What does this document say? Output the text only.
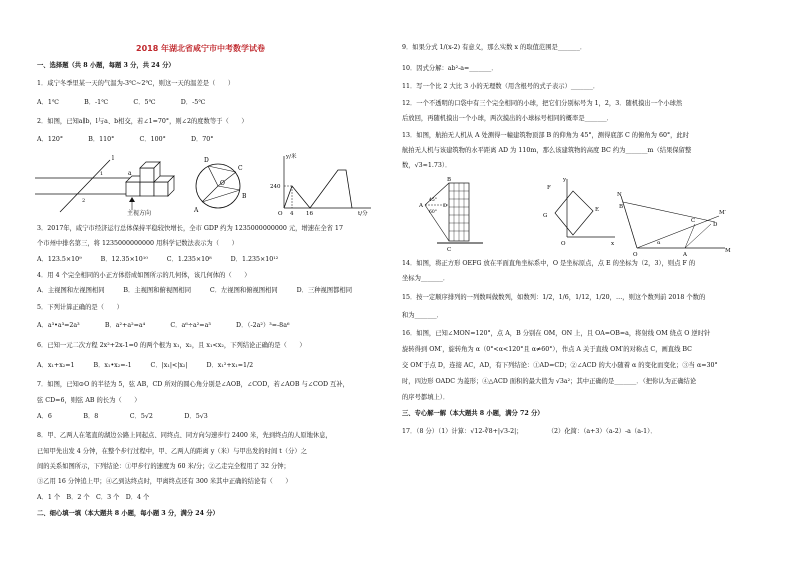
2018 年湖北省咸宁市中考数学试卷
一、选择题（共 8 小题，每题 3 分，共 24 分）
1．咸宁冬季里某一天的气温为-3℃~2℃，则这一天的温差是（　　）
A．1℃　　　　B．-1℃　　　　C．5℃　　　　D．-5℃
2．如图，已知a∥b，l与a、b相交，若∠1=70°，则∠2的度数等于（　　）
A．120°　　　　B．110°　　　　C．100°　　　　D．70°
l
a
1
2
主视方向
D
C
O
A
B
y/米
240
O 4 16	t/分
3．2017年，咸宁市经济运行总体保持平稳较快增长，全市 GDP 约为 1235000000000 元，增速在全省 17
个市州中排名第三，将 1235000000000 用科学记数法表示为（　　）
A．123.5×10⁹　　　B．12.35×10¹⁰　　　C．1.235×10⁸　　　D．1.235×10¹²
4．用 4 个完全相同的小正方体搭成如图所示的几何体，该几何体的（　　）
A．主视图和左视图相同　　　B．主视图和俯视图相同　　　C．左视图和俯视图相同　　　D．三种视图都相同
5．下列计算正确的是（　　）
A．a³•a³=2a³　　　　B．a²+a²=a⁴　　　　C．a⁶÷a²=a³　　　　D．（-2a²）³=-8a⁶
6．已知一元二次方程 2x²+2x-1=0 的两个根为 x₁，x₂，且 x₁<x₂，下列结论正确的是（　　）
A．x₁+x₂=1　　　B．x₁•x₂=-1　　　C．|x₁|<|x₂|　　　D．x₁²+x₁=1/2
7．如图，已知⊙O 的半径为 5，弦 AB，CD 所对的圆心角分别是∠AOB，∠COD，若∠AOB 与∠COD 互补，
弦 CD=6，则弦 AB 的长为（　　）
A．6　　　　　B．8　　　　　C．5√2　　　　　D．5√3
8．甲、乙两人在笔直的湖边公路上同起点、同终点、同方向匀速步行 2400 米，先到终点的人原地休息，
已知甲先出发 4 分钟，在整个步行过程中，甲、乙两人的距离 y（米）与甲出发的时间 t（分）之
间的关系如图所示，下列结论：①甲步行的速度为 60 米/分；②乙走完全程用了 32 分钟；
③乙用 16 分钟追上甲；④乙到达终点时，甲离终点还有 300 米其中正确的结论有（　　）
A．1 个　B．2 个　C．3 个　D．4 个
二、细心填一填（本大题共 8 小题，每小题 3 分，满分 24 分）
9．如果分式 1/(x-2) 有意义，那么实数 x 的取值范围是_______．
10．因式分解：ab²-a=_______．
11．写一个比 2 大比 3 小的无理数（用含根号的式子表示）_______．
12．一个不透明的口袋中有三个完全相同的小球，把它们分别标号为 1，2，3．随机摸出一个小球然
后放回，再随机摸出一个小球，两次摸出的小球标号相同的概率是_______．
13．如图，航拍无人机从 A 处测得一幢建筑物顶部 B 的仰角为 45°，测得底部 C 的俯角为 60°，此时
航拍无人机与该建筑物的水平距离 AD 为 110m，那么该建筑物的高度 BC 约为_______m（结果保留整
数，√3≈1.73）．
B
A
45°
60°
D
C
y
F
G
E
O	x
N
B
M′
D
C
α
O	A
M
14．如图，将正方形 OEFG 放在平面直角坐标系中，O 是坐标原点，点 E 的坐标为（2，3），则点 F 的
坐标为_______．
15．按一定顺序排列的一列数叫做数列，如数列：1/2，1/6，1/12，1/20，…，则这个数列前 2018 个数的
和为_______．
16．如图，已知∠MON=120°，点 A，B 分别在 OM，ON 上，且 OA=OB=a，将射线 OM 绕点 O 逆时针
旋转得到 OM′，旋转角为 α（0°<α<120°且 α≠60°），作点 A 关于直线 OM′的对称点 C，画直线 BC
交 OM′于点 D，连接 AC，AD，有下列结论：①AD=CD；②∠ACD 的大小随着 α 的变化而变化；③当 α=30°
时，四边形 OADC 为菱形；④△ACD 面积的最大值为 √3a²；其中正确的是_______．（把你认为正确结论
的序号都填上）．
三、专心解一解（本大题共 8 小题，满分 72 分）
17．（8 分）（1）计算：√12-∛8+|√3-2|；　　　　　（2）化简：（a+3）（a-2）-a（a-1）．
